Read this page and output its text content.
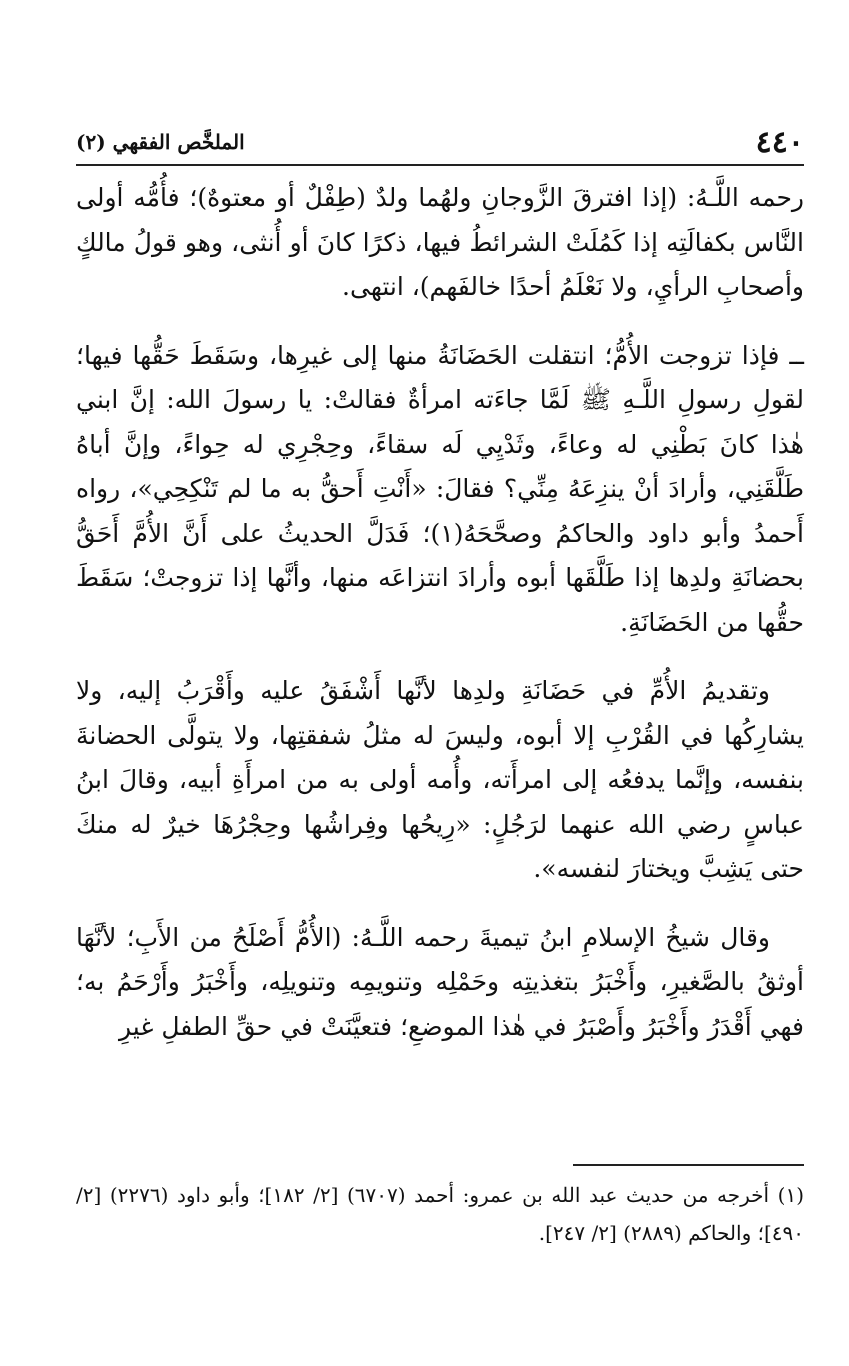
٤٤٠
الملخَّص الفقهي (٢)

رحمه اللَّـهُ: (إذا افترقَ الزَّوجانِ ولهُما ولدٌ (طِفْلٌ أو معتوهٌ)؛ فأُمُّه أولى النَّاس بكفالَتِه إذا كَمُلَتْ الشرائطُ فيها، ذكرًا كانَ أو أُنثى، وهو قولُ مالكٍ وأصحابِ الرأيِ، ولا نَعْلَمُ أحدًا خالفَهم)، انتهى.

ــ فإذا تزوجت الأُمُّ؛ انتقلت الحَضَانَةُ منها إلى غيرِها، وسَقَطَ حَقُّها فيها؛ لقولِ رسولِ اللَّـهِ ﷺ لَمَّا جاءَته امرأةٌ فقالتْ: يا رسولَ الله: إنَّ ابني هٰذا كانَ بَطْنِي له وعاءً، وثَدْيِي لَه سقاءً، وحِجْرِي له حِواءً، وإنَّ أباهُ طَلَّقَنِي، وأرادَ أنْ ينزِعَهُ مِنِّي؟ فقالَ: «أَنْتِ أَحقُّ به ما لم تَنْكِحِي»، رواه أَحمدُ وأبو داود والحاكمُ وصحَّحَهُ(١)؛ فَدَلَّ الحديثُ على أَنَّ الأُمَّ أَحَقُّ بحضانَةِ ولدِها إذا طَلَّقَها أبوه وأرادَ انتزاعَه منها، وأنَّها إذا تزوجتْ؛ سَقَطَ حقُّها من الحَضَانَةِ.

وتقديمُ الأُمِّ في حَضَانَةِ ولدِها لأنَّها أَشْفَقُ عليه وأَقْرَبُ إليه، ولا يشارِكُها في القُرْبِ إلا أبوه، وليسَ له مثلُ شفقتِها، ولا يتولَّى الحضانةَ بنفسه، وإنَّما يدفعُه إلى امرأَته، وأُمه أولى به من امرأَةِ أبيه، وقالَ ابنُ عباسٍ رضي الله عنهما لرَجُلٍ: «رِيحُها وفِراشُها وحِجْرُهَا خيرٌ له منكَ حتى يَشِبَّ ويختارَ لنفسه».

وقال شيخُ الإسلامِ ابنُ تيميةَ رحمه اللَّـهُ: (الأُمُّ أَصْلَحُ من الأَبِ؛ لأنَّهَا أوثقُ بالصَّغيرِ، وأَخْبَرُ بتغذيتِه وحَمْلِه وتنويمِه وتنويلِه، وأَخْبَرُ وأَرْحَمُ به؛ فهي أَقْدَرُ وأَخْبَرُ وأَصْبَرُ في هٰذا الموضعِ؛ فتعيَّنَتْ في حقِّ الطفلِ غيرِ

(١) أخرجه من حديث عبد الله بن عمرو: أحمد (٦٧٠٧) [٢/ ١٨٢]؛ وأبو داود (٢٢٧٦) [٢/ ٤٩٠]؛ والحاكم (٢٨٨٩) [٢/ ٢٤٧].
